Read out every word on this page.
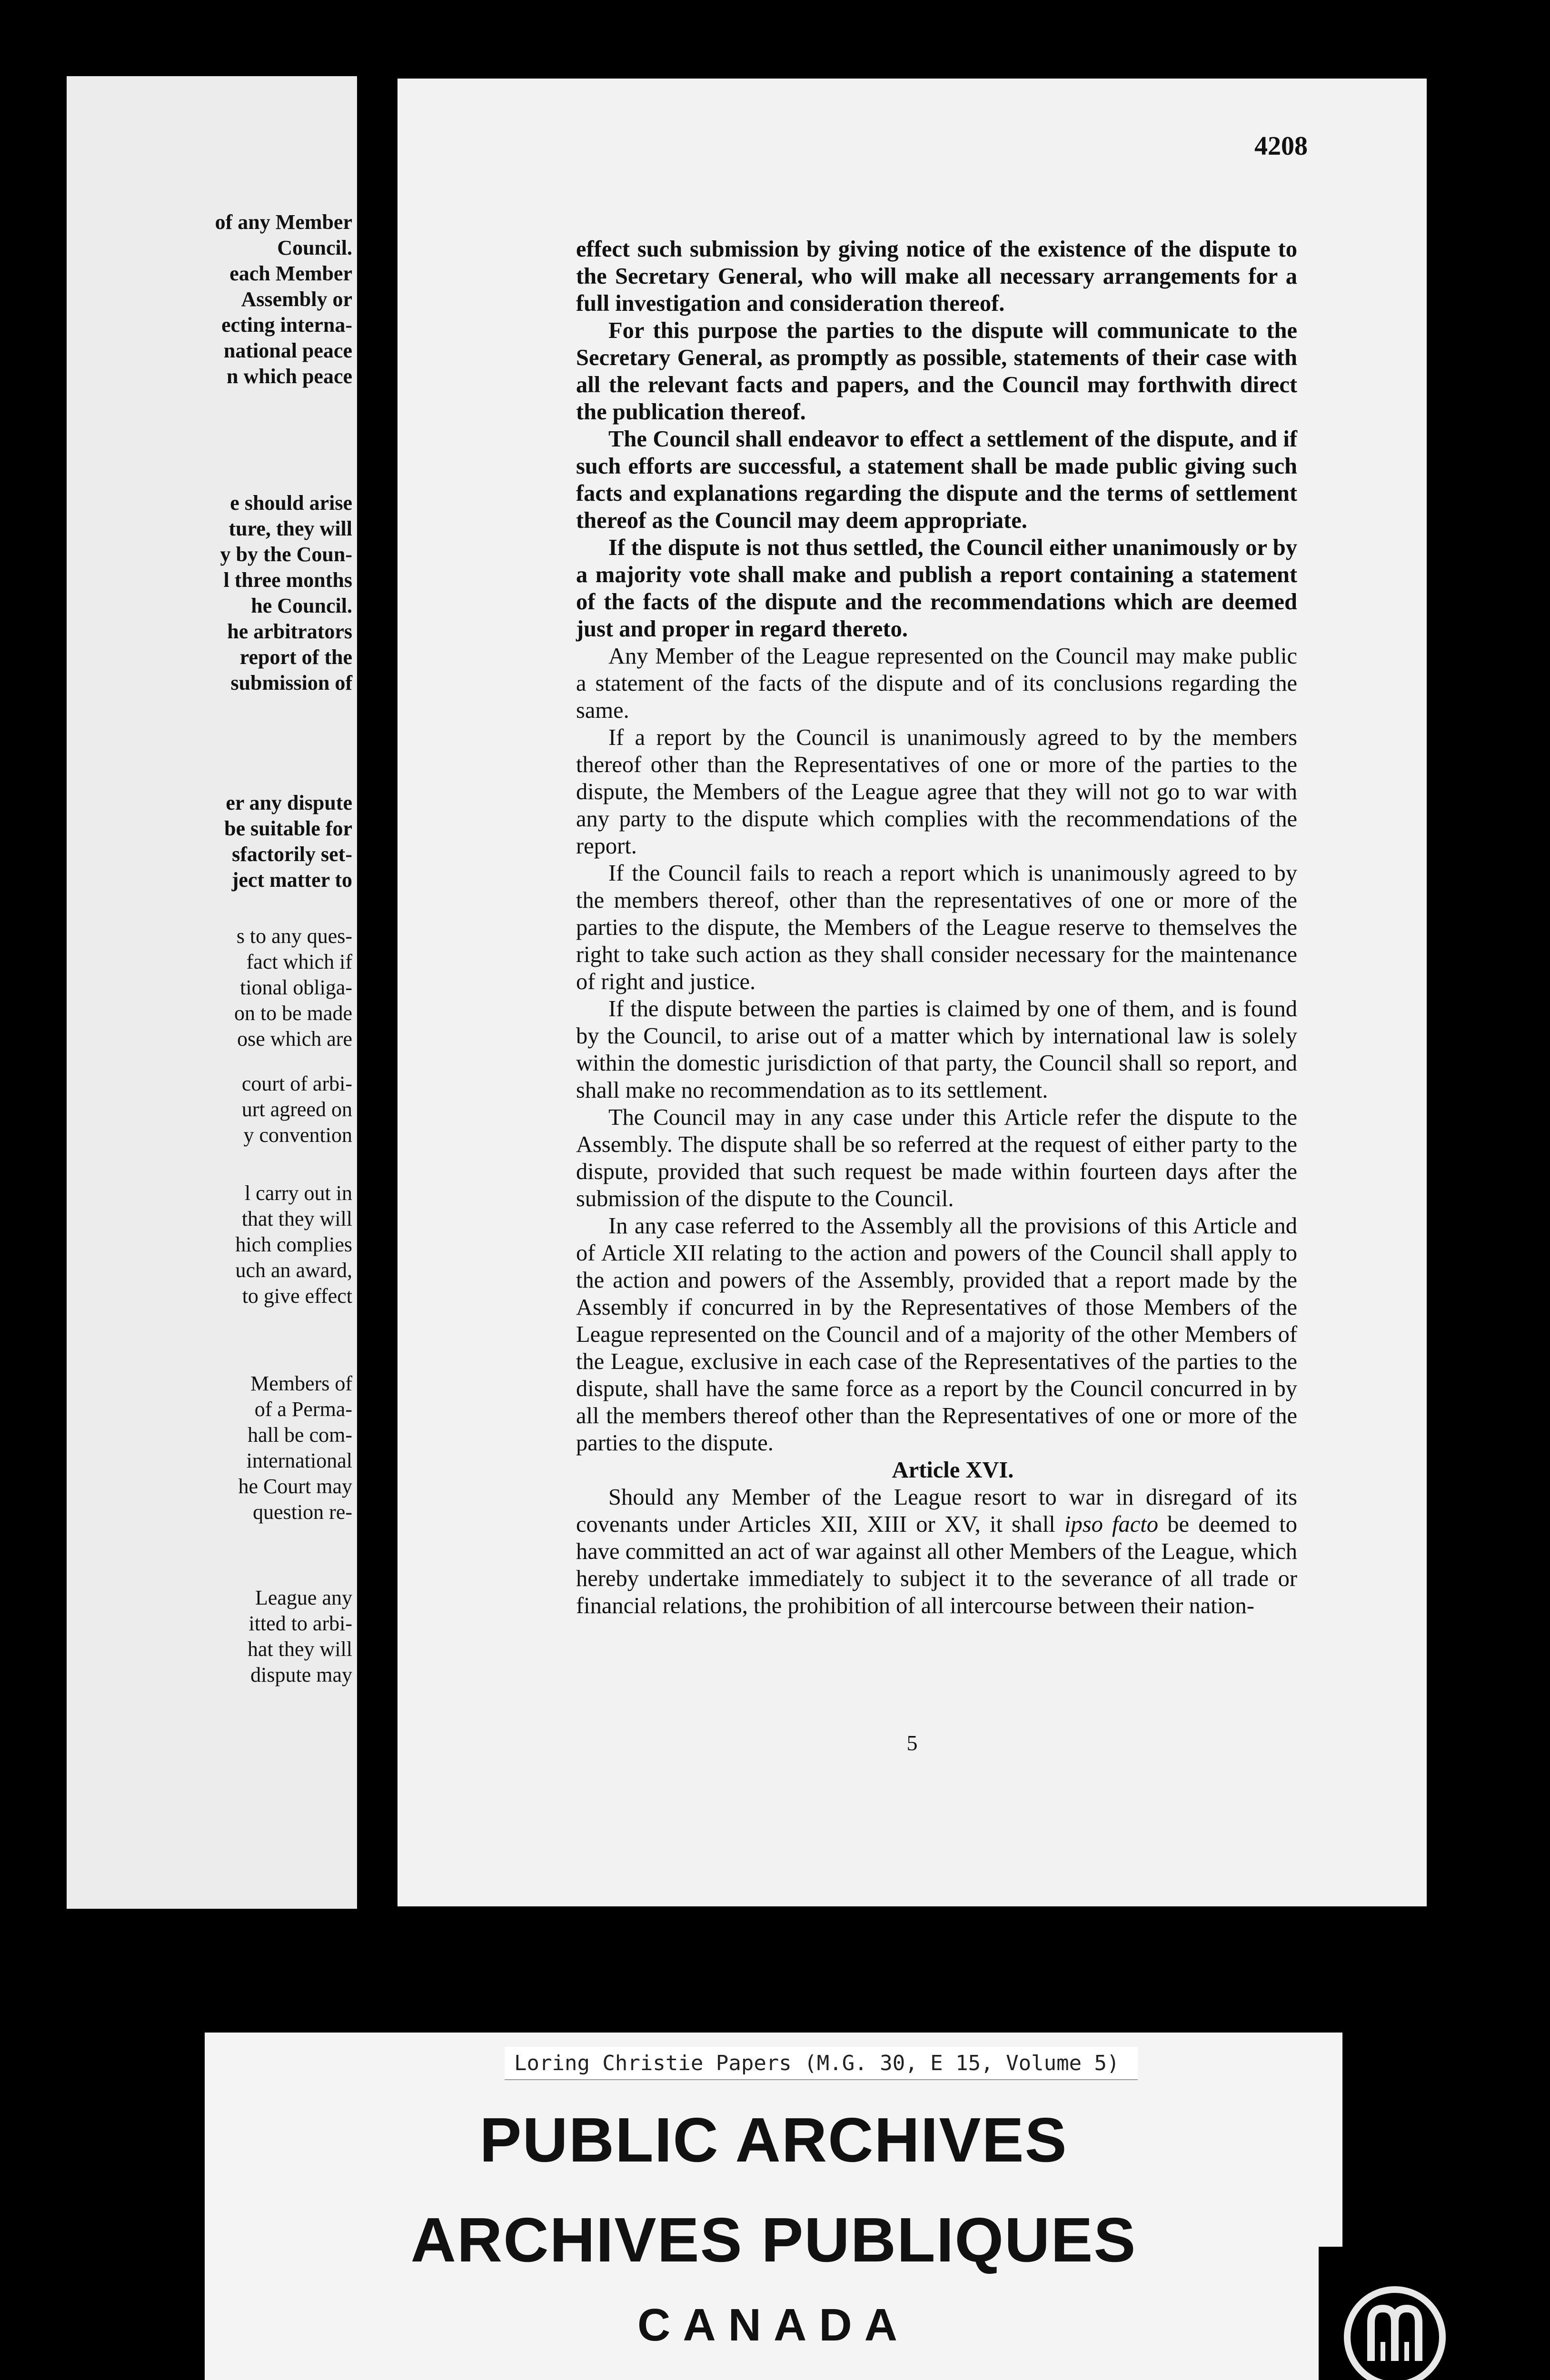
of any Member
Council.
each Member
Assembly or
ecting interna-
national peace
n which peace
e should arise
ture, they will
y by the Coun-
l three months
he Council.
he arbitrators
report of the
submission of
er any dispute
be suitable for
sfactorily set-
ject matter to
s to any ques-
fact which if
tional obliga-
on to be made
ose which are
court of arbi-
urt agreed on
y convention
l carry out in
that they will
hich complies
uch an award,
to give effect
Members of
of a Perma-
hall be com-
international
he Court may
question re-
League any
itted to arbi-
hat they will
dispute may
4208

effect such submission by giving notice of the existence of the dispute to the Secretary General, who will make all necessary arrangements for a full investigation and consideration thereof.

For this purpose the parties to the dispute will communicate to the Secretary General, as promptly as possible, statements of their case with all the relevant facts and papers, and the Council may forthwith direct the publication thereof.

The Council shall endeavor to effect a settlement of the dispute, and if such efforts are successful, a statement shall be made public giving such facts and explanations regarding the dispute and the terms of settlement thereof as the Council may deem appropriate.

If the dispute is not thus settled, the Council either unanimously or by a majority vote shall make and publish a report containing a statement of the facts of the dispute and the recommendations which are deemed just and proper in regard thereto.

Any Member of the League represented on the Council may make public a statement of the facts of the dispute and of its conclusions regarding the same.

If a report by the Council is unanimously agreed to by the members thereof other than the Representatives of one or more of the parties to the dispute, the Members of the League agree that they will not go to war with any party to the dispute which complies with the recommendations of the report.

If the Council fails to reach a report which is unanimously agreed to by the members thereof, other than the representatives of one or more of the parties to the dispute, the Members of the League reserve to themselves the right to take such action as they shall consider necessary for the maintenance of right and justice.

If the dispute between the parties is claimed by one of them, and is found by the Council, to arise out of a matter which by international law is solely within the domestic jurisdiction of that party, the Council shall so report, and shall make no recommendation as to its settlement.

The Council may in any case under this Article refer the dispute to the Assembly. The dispute shall be so referred at the request of either party to the dispute, provided that such request be made within fourteen days after the submission of the dispute to the Council.

In any case referred to the Assembly all the provisions of this Article and of Article XII relating to the action and powers of the Council shall apply to the action and powers of the Assembly, provided that a report made by the Assembly if concurred in by the Representatives of those Members of the League represented on the Council and of a majority of the other Members of the League, exclusive in each case of the Representatives of the parties to the dispute, shall have the same force as a report by the Council concurred in by all the members thereof other than the Representatives of one or more of the parties to the dispute.

Article XVI.

Should any Member of the League resort to war in disregard of its covenants under Articles XII, XIII or XV, it shall ipso facto be deemed to have committed an act of war against all other Members of the League, which hereby undertake immediately to subject it to the severance of all trade or financial relations, the prohibition of all intercourse between their nation-

5
Loring Christie Papers (M.G. 30, E 15, Volume 5)
PUBLIC ARCHIVES
ARCHIVES PUBLIQUES
CANADA
